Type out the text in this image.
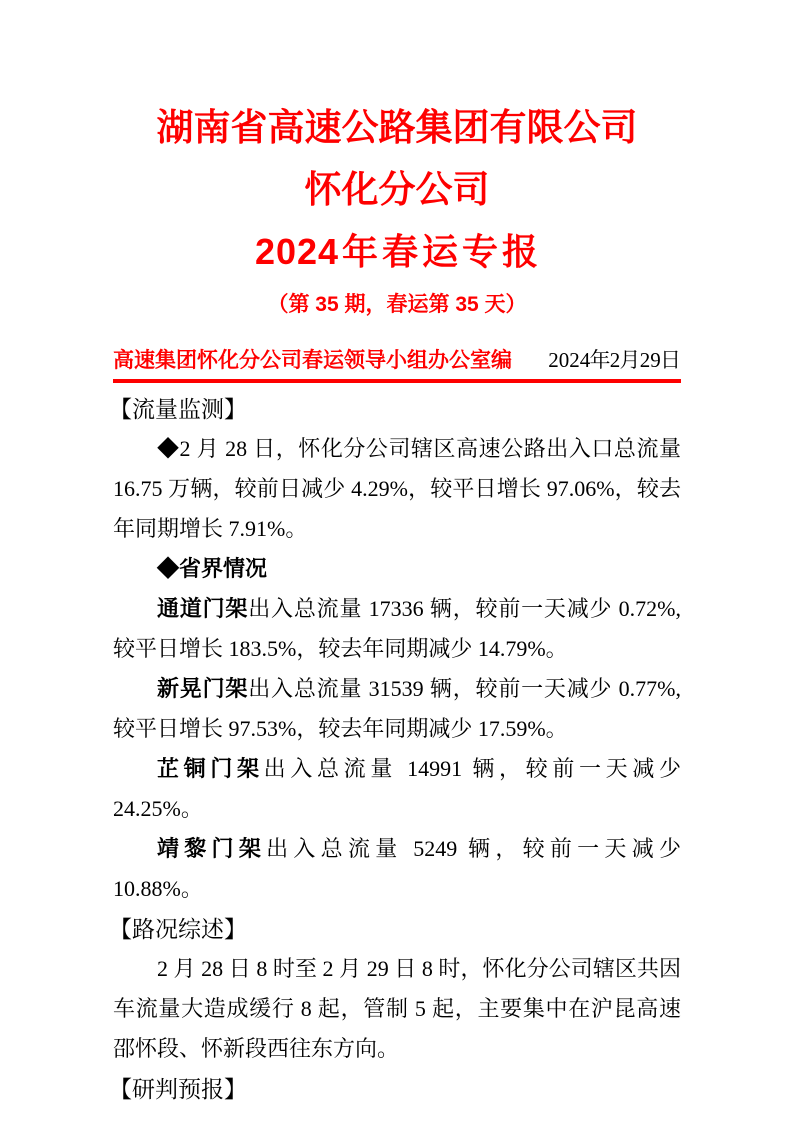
湖南省高速公路集团有限公司
怀化分公司
2024 年 春 运 专 报
（第 35 期，春运第 35 天）
高速集团怀化分公司春运领导小组办公室编 2024 年 2 月 29 日
【流量监测】

◆2 月 28 日，怀化分公司辖区高速公路出入口总流量 16.75 万辆，较前日减少 4.29%，较平日增长 97.06%，较去年同期增长 7.91%。

◆省界情况

通道门架出入总流量 17336 辆，较前一天减少 0.72%,较平日增长 183.5%，较去年同期减少 14.79%。

新晃门架出入总流量 31539 辆，较前一天减少 0.77%,较平日增长 97.53%，较去年同期减少 17.59%。

芷铜门架出入总流量 14991 辆，较前一天减少 24.25%。

靖黎门架出入总流量 5249 辆，较前一天减少 10.88%。

【路况综述】

2 月 28 日 8 时至 2 月 29 日 8 时，怀化分公司辖区共因车流量大造成缓行 8 起，管制 5 起，主要集中在沪昆高速邵怀段、怀新段西往东方向。

【研判预报】
